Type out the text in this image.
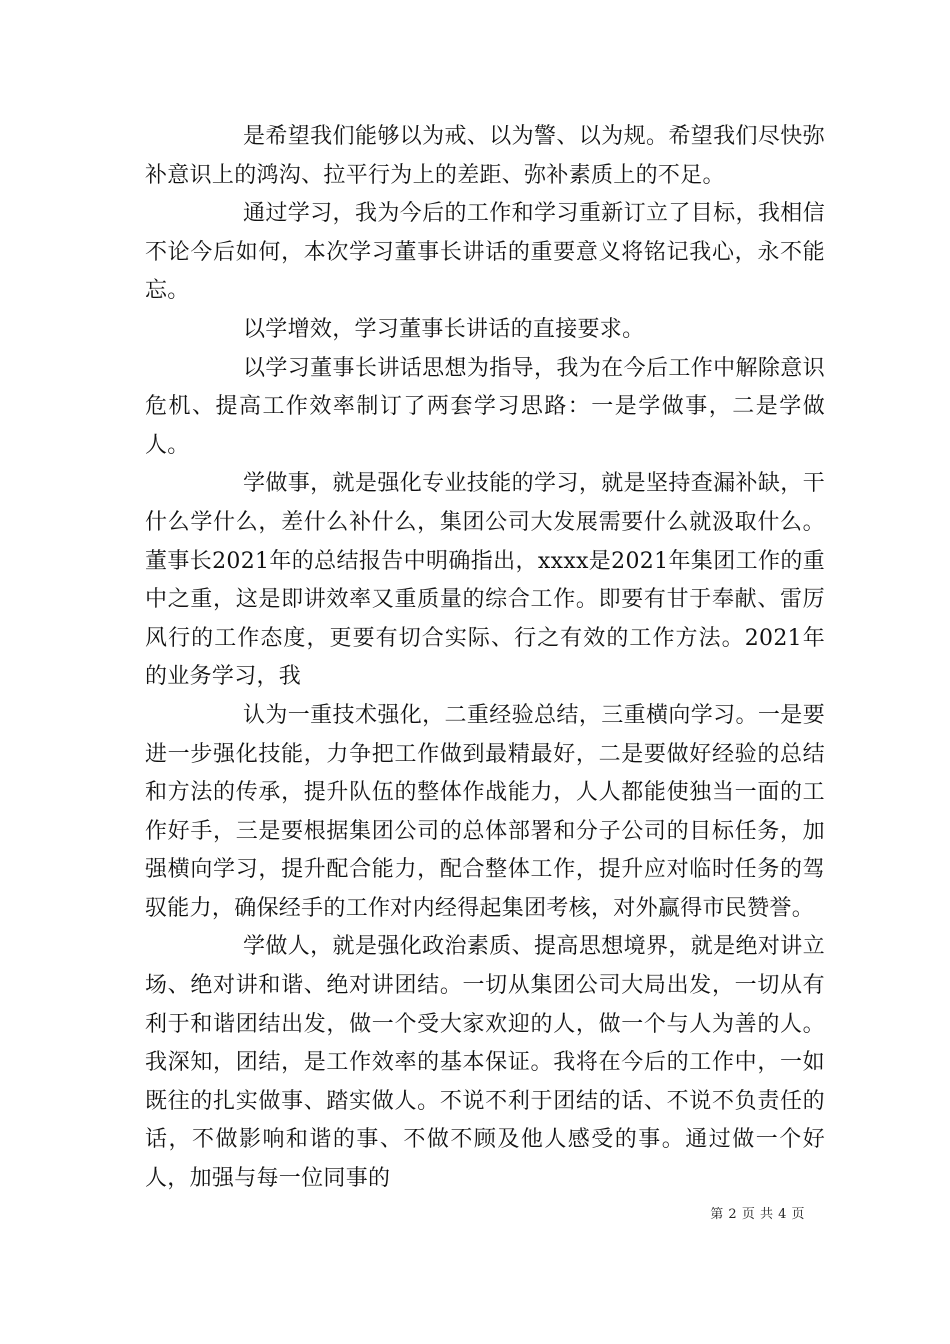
是希望我们能够以为戒、以为警、以为规。希望我们尽快弥补意识上的鸿沟、拉平行为上的差距、弥补素质上的不足。

通过学习，我为今后的工作和学习重新订立了目标，我相信不论今后如何，本次学习董事长讲话的重要意义将铭记我心，永不能忘。

以学增效，学习董事长讲话的直接要求。

以学习董事长讲话思想为指导，我为在今后工作中解除意识危机、提高工作效率制订了两套学习思路：一是学做事，二是学做人。

学做事，就是强化专业技能的学习，就是坚持查漏补缺，干什么学什么，差什么补什么，集团公司大发展需要什么就汲取什么。董事长2021年的总结报告中明确指出，xxxx是2021年集团工作的重中之重，这是即讲效率又重质量的综合工作。即要有甘于奉献、雷厉风行的工作态度，更要有切合实际、行之有效的工作方法。2021年的业务学习，我

认为一重技术强化，二重经验总结，三重横向学习。一是要进一步强化技能，力争把工作做到最精最好，二是要做好经验的总结和方法的传承，提升队伍的整体作战能力，人人都能使独当一面的工作好手，三是要根据集团公司的总体部署和分子公司的目标任务，加强横向学习，提升配合能力，配合整体工作，提升应对临时任务的驾驭能力，确保经手的工作对内经得起集团考核，对外赢得市民赞誉。

学做人，就是强化政治素质、提高思想境界，就是绝对讲立场、绝对讲和谐、绝对讲团结。一切从集团公司大局出发，一切从有利于和谐团结出发，做一个受大家欢迎的人，做一个与人为善的人。我深知，团结，是工作效率的基本保证。我将在今后的工作中，一如既往的扎实做事、踏实做人。不说不利于团结的话、不说不负责任的话，不做影响和谐的事、不做不顾及他人感受的事。通过做一个好人，加强与每一位同事的

第 2 页 共 4 页
